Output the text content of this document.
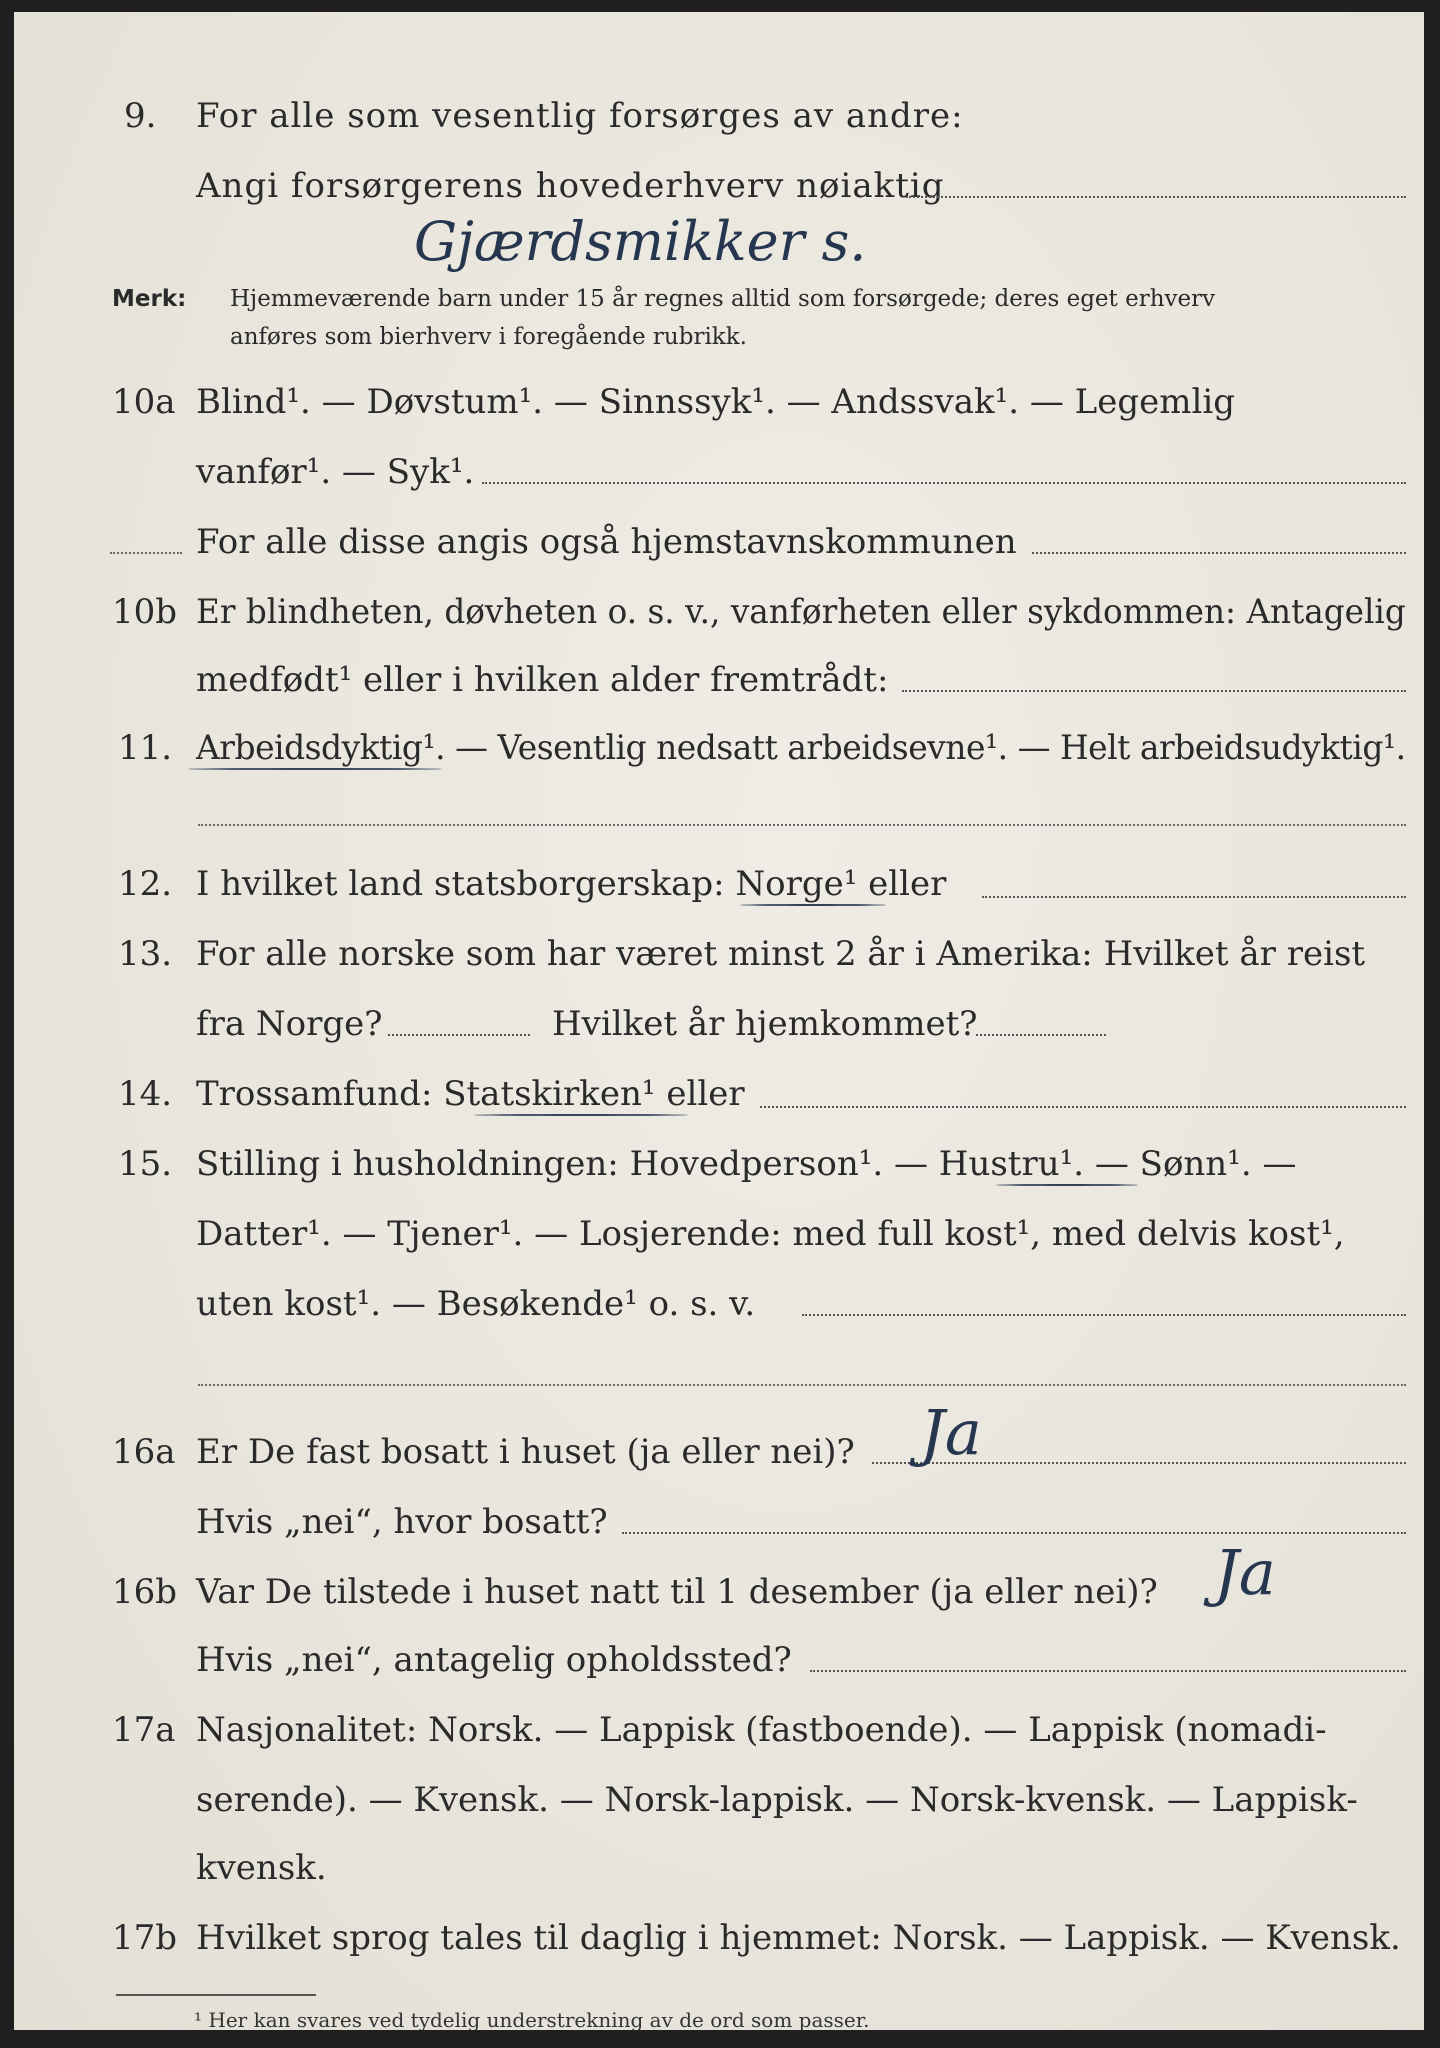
9. For alle som vesentlig forsørges av andre:
Angi forsørgerens hovederhverv nøiaktig
Gjærdsmikker s.
Merk: Hjemmeværende barn under 15 år regnes alltid som forsørgede; deres eget erhverv
anføres som bierhverv i foregående rubrikk.
10a Blind¹. — Døvstum¹. — Sinnssyk¹. — Andssvak¹. — Legemlig
vanfør¹. — Syk¹.
For alle disse angis også hjemstavnskommunen
10b Er blindheten, døvheten o. s. v., vanførheten eller sykdommen: Antagelig
medfødt¹ eller i hvilken alder fremtrådt:
11. Arbeidsdyktig¹. — Vesentlig nedsatt arbeidsevne¹. — Helt arbeidsudyktig¹.
12. I hvilket land statsborgerskap: Norge¹ eller
13. For alle norske som har været minst 2 år i Amerika: Hvilket år reist
fra Norge?	Hvilket år hjemkommet?
14. Trossamfund: Statskirken¹ eller
15. Stilling i husholdningen: Hovedperson¹. — Hustru¹. — Sønn¹. —
Datter¹. — Tjener¹. — Losjerende: med full kost¹, med delvis kost¹,
uten kost¹. — Besøkende¹ o. s. v.
16a Er De fast bosatt i huset (ja eller nei)? Ja
Hvis „nei“, hvor bosatt?
16b Var De tilstede i huset natt til 1 desember (ja eller nei)? Ja
Hvis „nei“, antagelig opholdssted?
17a Nasjonalitet: Norsk. — Lappisk (fastboende). — Lappisk (nomadi-
serende). — Kvensk. — Norsk-lappisk. — Norsk-kvensk. — Lappisk-
kvensk.
17b Hvilket sprog tales til daglig i hjemmet: Norsk. — Lappisk. — Kvensk.
¹ Her kan svares ved tydelig understrekning av de ord som passer.
